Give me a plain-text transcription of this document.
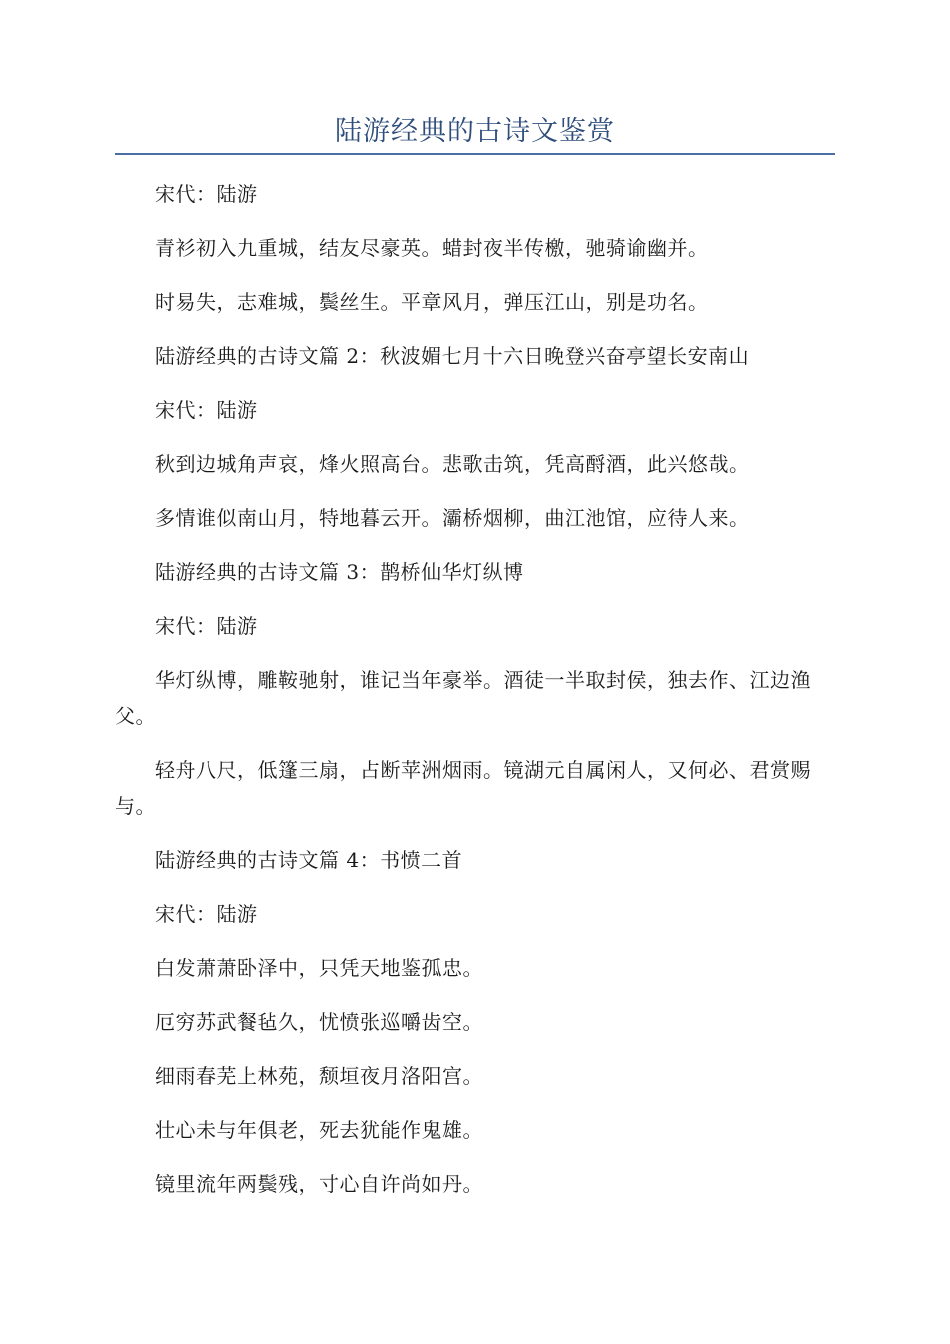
陆游经典的古诗文鉴赏

宋代：陆游

青衫初入九重城，结友尽豪英。蜡封夜半传檄，驰骑谕幽并。

时易失，志难城，鬓丝生。平章风月，弹压江山，别是功名。

陆游经典的古诗文篇 2：秋波媚七月十六日晚登兴奋亭望长安南山

宋代：陆游

秋到边城角声哀，烽火照高台。悲歌击筑，凭高酹酒，此兴悠哉。

多情谁似南山月，特地暮云开。灞桥烟柳，曲江池馆，应待人来。

陆游经典的古诗文篇 3：鹊桥仙华灯纵博

宋代：陆游

华灯纵博，雕鞍驰射，谁记当年豪举。酒徒一半取封侯，独去作、江边渔父。

轻舟八尺，低篷三扇，占断苹洲烟雨。镜湖元自属闲人，又何必、君赏赐与。

陆游经典的古诗文篇 4：书愤二首

宋代：陆游

白发萧萧卧泽中，只凭天地鉴孤忠。

厄穷苏武餐毡久，忧愤张巡嚼齿空。

细雨春芜上林苑，颓垣夜月洛阳宫。

壮心未与年俱老，死去犹能作鬼雄。

镜里流年两鬓残，寸心自许尚如丹。
